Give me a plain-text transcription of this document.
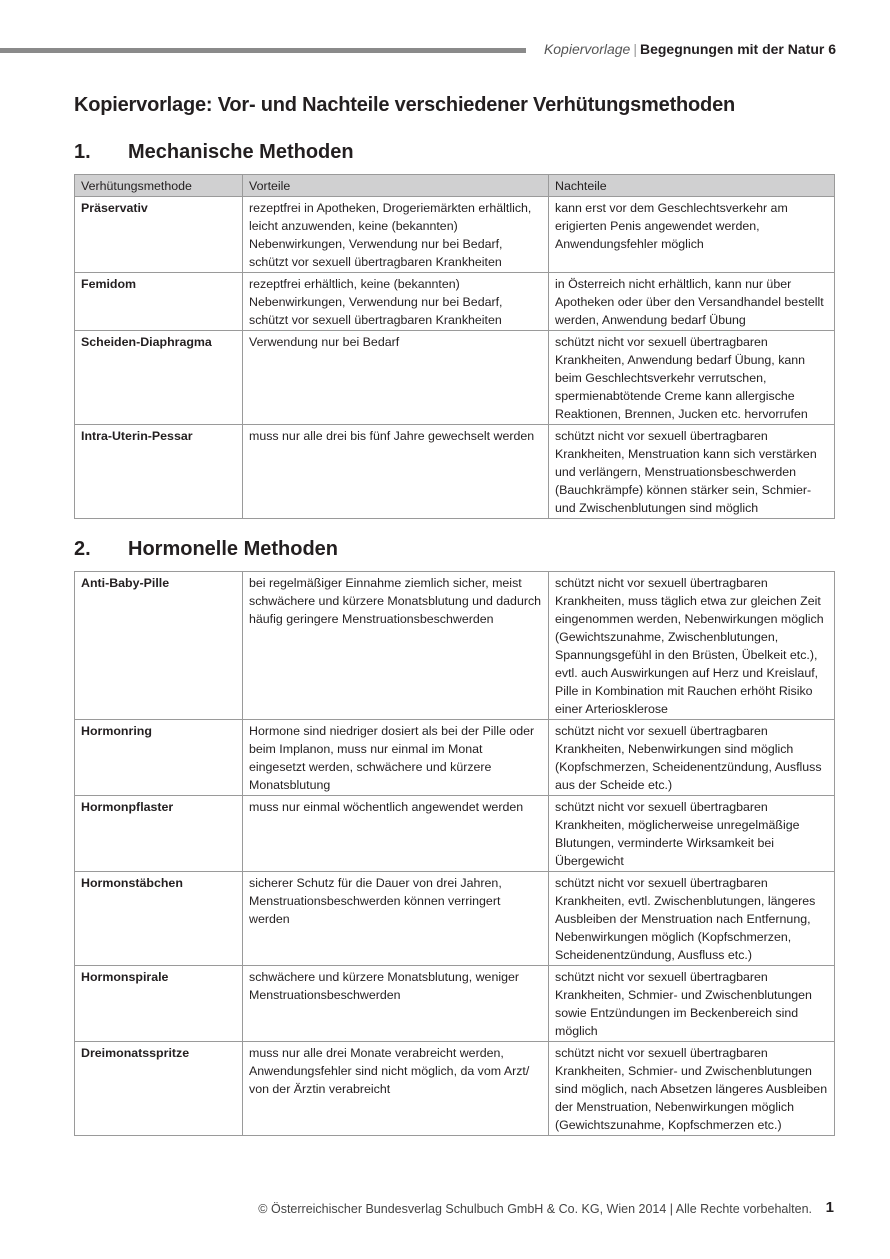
Kopiervorlage | Begegnungen mit der Natur 6
Kopiervorlage: Vor- und Nachteile verschiedener Verhütungsmethoden
1. Mechanische Methoden
Verhütungsmethode	Vorteile	Nachteile
Präservativ	rezeptfrei in Apotheken, Drogeriemärkten erhältlich, leicht anzuwenden, keine (bekannten) Nebenwirkungen, Verwendung nur bei Bedarf, schützt vor sexuell übertragbaren Krankheiten	kann erst vor dem Geschlechtsverkehr am erigierten Penis angewendet werden, Anwendungsfehler möglich
Femidom	rezeptfrei erhältlich, keine (bekannten) Nebenwirkungen, Verwendung nur bei Bedarf, schützt vor sexuell übertragbaren Krankheiten	in Österreich nicht erhältlich, kann nur über Apotheken oder über den Versandhandel bestellt werden, Anwendung bedarf Übung
Scheiden-Diaphragma	Verwendung nur bei Bedarf	schützt nicht vor sexuell übertragbaren Krankheiten, Anwendung bedarf Übung, kann beim Geschlechtsverkehr verrutschen, spermienabtötende Creme kann allergische Reaktionen, Brennen, Jucken etc. hervorrufen
Intra-Uterin-Pessar	muss nur alle drei bis fünf Jahre gewechselt werden	schützt nicht vor sexuell übertragbaren Krankheiten, Menstruation kann sich verstärken und verlängern, Menstruationsbeschwerden (Bauchkrämpfe) können stärker sein, Schmier- und Zwischenblutungen sind möglich
2. Hormonelle Methoden
Anti-Baby-Pille	bei regelmäßiger Einnahme ziemlich sicher, meist schwächere und kürzere Monatsblutung und dadurch häufig geringere Menstruationsbeschwerden	schützt nicht vor sexuell übertragbaren Krankheiten, muss täglich etwa zur gleichen Zeit eingenommen werden, Nebenwirkungen möglich (Gewichtszunahme, Zwischenblutungen, Spannungsgefühl in den Brüsten, Übelkeit etc.), evtl. auch Auswirkungen auf Herz und Kreislauf, Pille in Kombination mit Rauchen erhöht Risiko einer Arteriosklerose
Hormonring	Hormone sind niedriger dosiert als bei der Pille oder beim Implanon, muss nur einmal im Monat eingesetzt werden, schwächere und kürzere Monatsblutung	schützt nicht vor sexuell übertragbaren Krankheiten, Nebenwirkungen sind möglich (Kopfschmerzen, Scheidenentzündung, Ausfluss aus der Scheide etc.)
Hormonpflaster	muss nur einmal wöchentlich angewendet werden	schützt nicht vor sexuell übertragbaren Krankheiten, möglicherweise unregelmäßige Blutungen, verminderte Wirksamkeit bei Übergewicht
Hormonstäbchen	sicherer Schutz für die Dauer von drei Jahren, Menstruationsbeschwerden können verringert werden	schützt nicht vor sexuell übertragbaren Krankheiten, evtl. Zwischenblutungen, längeres Ausbleiben der Menstruation nach Entfernung, Nebenwirkungen möglich (Kopfschmerzen, Scheidenentzündung, Ausfluss etc.)
Hormonspirale	schwächere und kürzere Monatsblutung, weniger Menstruationsbeschwerden	schützt nicht vor sexuell übertragbaren Krankheiten, Schmier- und Zwischenblutungen sowie Entzündungen im Beckenbereich sind möglich
Dreimonatsspritze	muss nur alle drei Monate verabreicht werden, Anwendungsfehler sind nicht möglich, da vom Arzt/ von der Ärztin verabreicht	schützt nicht vor sexuell übertragbaren Krankheiten, Schmier- und Zwischenblutungen sind möglich, nach Absetzen längeres Ausbleiben der Menstruation, Nebenwirkungen möglich (Gewichtszunahme, Kopfschmerzen etc.)
© Österreichischer Bundesverlag Schulbuch GmbH & Co. KG, Wien 2014 | Alle Rechte vorbehalten. 1
